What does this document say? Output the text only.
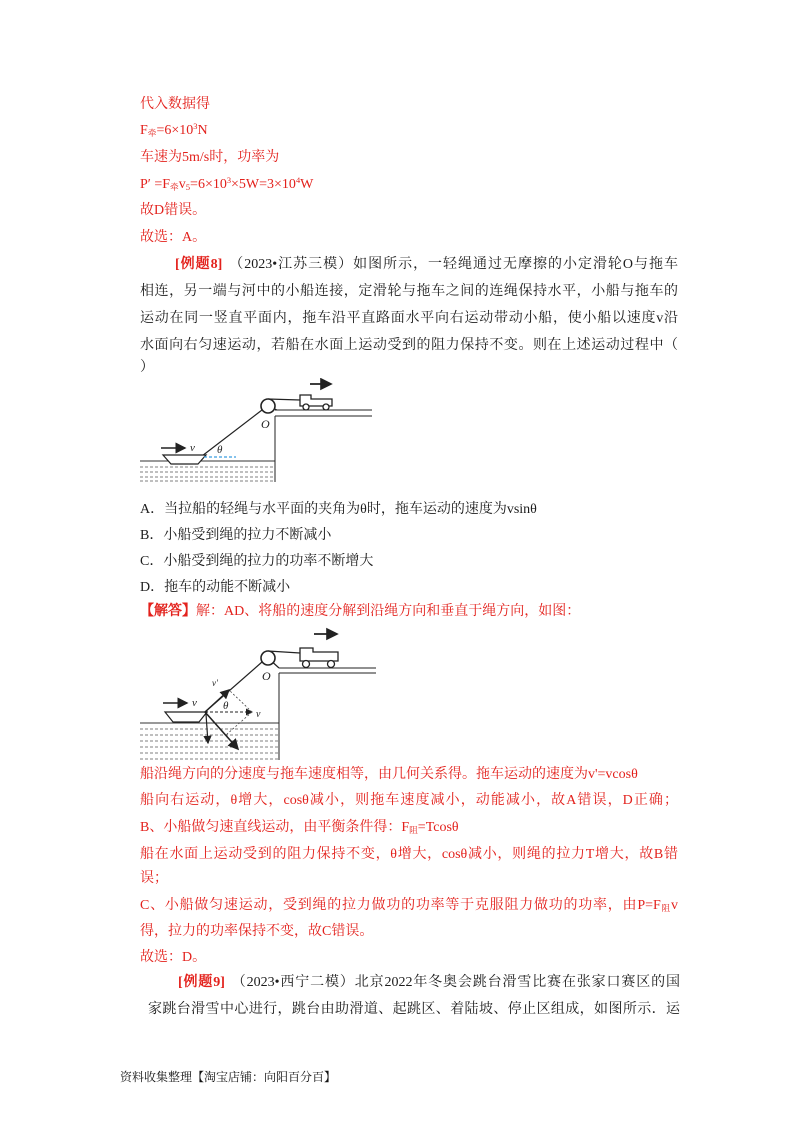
代入数据得
$F_牵=6\times 10^3N$
车速为5m/s时，功率为
$P' =F_牵v_5=6\times 10^3\times 5W=3\times 10^4W$
故D错误。
故选：A。
[例题8] （2023•江苏三模）如图所示，一轻绳通过无摩擦的小定滑轮O与拖车
相连，另一端与河中的小船连接，定滑轮与拖车之间的连绳保持水平，小船与拖车的
运动在同一竖直平面内，拖车沿平直路面水平向右运动带动小船，使小船以速度v沿
水面向右匀速运动，若船在水面上运动受到的阻力保持不变。则在上述运动过程中（
）
v θ
O
A．当拉船的轻绳与水平面的夹角为θ时，拖车运动的速度为vsinθ
B．小船受到绳的拉力不断减小
C．小船受到绳的拉力的功率不断增大
D．拖车的动能不断减小
【解答】解：AD、将船的速度分解到沿绳方向和垂直于绳方向，如图：
v
v'
v
θ
O
船沿绳方向的分速度与拖车速度相等，由几何关系得。拖车运动的速度为v'=vcosθ
船向右运动，θ增大，cosθ减小，则拖车速度减小，动能减小，故A错误，D正确；
B、小船做匀速直线运动，由平衡条件得：$F_阻=Tcos\theta$
船在水面上运动受到的阻力保持不变，θ增大，cosθ减小，则绳的拉力T增大，故B错
误；
C、小船做匀速运动，受到绳的拉力做功的功率等于克服阻力做功的功率，由$P=F_阻v$
得，拉力的功率保持不变，故C错误。
故选：D。
[例题9] （2023•西宁二模）北京2022年冬奥会跳台滑雪比赛在张家口赛区的国
家跳台滑雪中心进行，跳台由助滑道、起跳区、着陆坡、停止区组成，如图所示．运
资料收集整理【淘宝店铺：向阳百分百】
